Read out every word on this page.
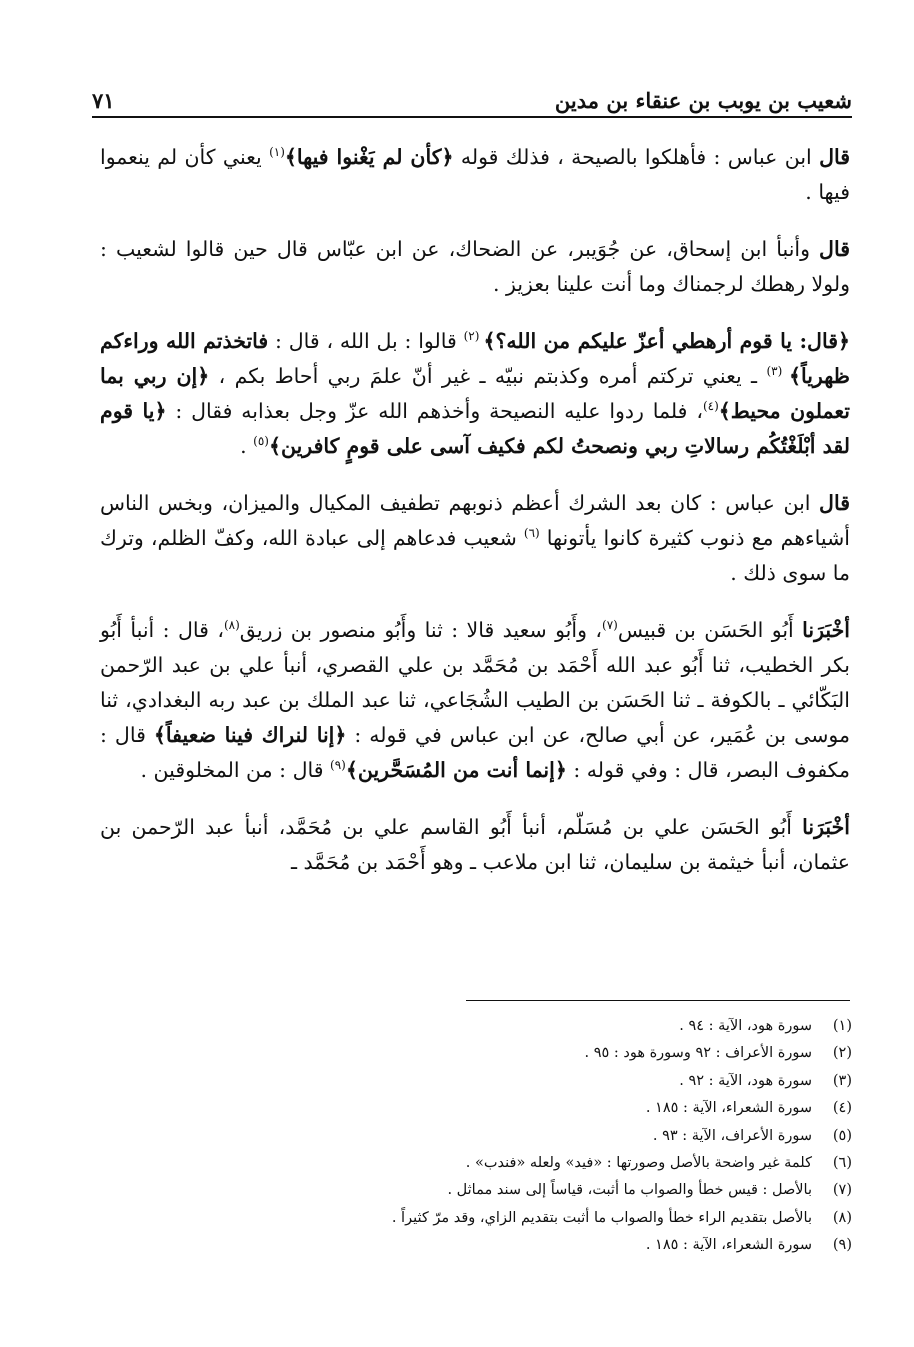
شعيب بن يوبب بن عنقاء بن مدين
٧١

قال ابن عباس : فأهلكوا بالصيحة ، فذلك قوله ﴿كأن لم يَغْنوا فيها﴾$^{(١)}$ يعني كأن لم ينعموا فيها .

قال وأنبأ ابن إسحاق، عن جُوَيبر، عن الضحاك، عن ابن عبّاس قال حين قالوا لشعيب : ولولا رهطك لرجمناك وما أنت علينا بعزيز .

﴿قال: يا قوم أرهطي أعزّ عليكم من الله؟﴾ $^{(٢)}$ قالوا : بل الله ، قال : فاتخذتم الله وراءكم ظهرياً﴾ $^{(٣)}$ ـ يعني تركتم أمره وكذبتم نبيّه ـ غير أنّ علمَ ربي أحاط بكم ، ﴿إن ربي بما تعملون محيط﴾$^{(٤)}$، فلما ردوا عليه النصيحة وأخذهم الله عزّ وجل بعذابه فقال : ﴿يا قوم لقد أبْلَغْتُكُم رسالاتِ ربي ونصحتُ لكم فكيف آسى على قومٍ كافرين﴾$^{(٥)}$ .

قال ابن عباس : كان بعد الشرك أعظم ذنوبهم تطفيف المكيال والميزان، وبخس الناس أشياءهم مع ذنوب كثيرة كانوا يأتونها $^{(٦)}$ شعيب فدعاهم إلى عبادة الله، وكفّ الظلم، وترك ما سوى ذلك .

أخْبَرَنا أَبُو الحَسَن بن قبيس$^{(٧)}$، وأَبُو سعيد قالا : ثنا وأَبُو منصور بن زريق$^{(٨)}$، قال : أنبأ أَبُو بكر الخطيب، ثنا أَبُو عبد الله أَحْمَد بن مُحَمَّد بن علي القصري، أنبأ علي بن عبد الرّحمن البَكّائي ـ بالكوفة ـ ثنا الحَسَن بن الطيب الشُجَاعي، ثنا عبد الملك بن عبد ربه البغدادي، ثنا موسى بن عُمَير، عن أبي صالح، عن ابن عباس في قوله : ﴿إنا لنراك فينا ضعيفاً﴾ قال : مكفوف البصر، قال : وفي قوله : ﴿إنما أنت من المُسَحَّرين﴾$^{(٩)}$ قال : من المخلوقين .

أخْبَرَنا أَبُو الحَسَن علي بن مُسَلّم، أنبأ أَبُو القاسم علي بن مُحَمَّد، أنبأ عبد الرّحمن بن عثمان، أنبأ خيثمة بن سليمان، ثنا ابن ملاعب ـ وهو أَحْمَد بن مُحَمَّد ـ

(١)سورة هود، الآية : ٩٤ .
(٢)سورة الأعراف : ٩٢ وسورة هود : ٩٥ .
(٣)سورة هود، الآية : ٩٢ .
(٤)سورة الشعراء، الآية : ١٨٥ .
(٥)سورة الأعراف، الآية : ٩٣ .
(٦)كلمة غير واضحة بالأصل وصورتها : «فيد» ولعله «فندب» .
(٧)بالأصل : قيس خطأ والصواب ما أثبت، قياساً إلى سند مماثل .
(٨)بالأصل بتقديم الراء خطأ والصواب ما أثبت بتقديم الزاي، وقد مرّ كثيراً .
(٩)سورة الشعراء، الآية : ١٨٥ .
